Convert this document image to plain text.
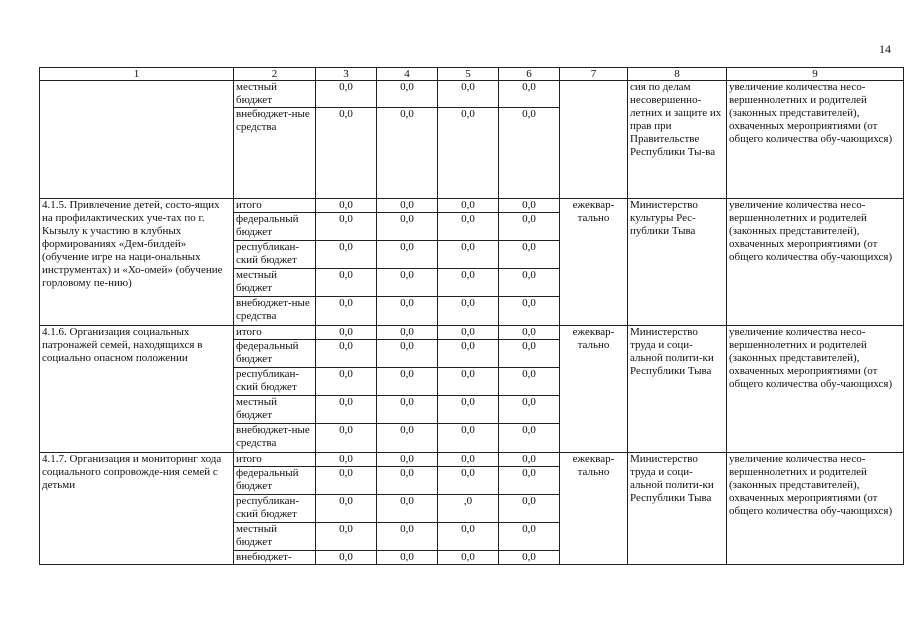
14
1	2	3	4	5	6	7	8	9
	местный бюджет	0,0	0,0	0,0	0,0		сия по делам несовершенно-летних и защите их прав при Правительстве Республики Ты-ва	увеличение количества несо-вершеннолетних и родителей (законных представителей), охваченных мероприятиями (от общего количества обу-чающихся)
	внебюджет-ные средства	0,0	0,0	0,0	0,0			
4.1.5. Привлечение детей, состо-ящих на профилактических уче-тах по г. Кызылу к участию в клубных формированиях «Дем-билдей» (обучение игре на наци-ональных инструментах) и «Хо-омей» (обучение горловому пе-нию)	итого	0,0	0,0	0,0	0,0	ежеквар-тально	Министерство культуры Рес-публики Тыва	увеличение количества несо-вершеннолетних и родителей (законных представителей), охваченных мероприятиями (от общего количества обу-чающихся)
	федеральный бюджет	0,0	0,0	0,0	0,0			
	республикан-ский бюджет	0,0	0,0	0,0	0,0			
	местный бюджет	0,0	0,0	0,0	0,0			
	внебюджет-ные средства	0,0	0,0	0,0	0,0			
4.1.6. Организация социальных патронажей семей, находящихся в социально опасном положении	итого	0,0	0,0	0,0	0,0	ежеквар-тально	Министерство труда и соци-альной полити-ки Республики Тыва	увеличение количества несо-вершеннолетних и родителей (законных представителей), охваченных мероприятиями (от общего количества обу-чающихся)
	федеральный бюджет	0,0	0,0	0,0	0,0			
	республикан-ский бюджет	0,0	0,0	0,0	0,0			
	местный бюджет	0,0	0,0	0,0	0,0			
	внебюджет-ные средства	0,0	0,0	0,0	0,0			
4.1.7. Организация и мониторинг хода социального сопровожде-ния семей с детьми	итого	0,0	0,0	0,0	0,0	ежеквар-тально	Министерство труда и соци-альной полити-ки Республики Тыва	увеличение количества несо-вершеннолетних и родителей (законных представителей), охваченных мероприятиями (от общего количества обу-чающихся)
	федеральный бюджет	0,0	0,0	0,0	0,0			
	республикан-ский бюджет	0,0	0,0	,0	0,0			
	местный бюджет	0,0	0,0	0,0	0,0			
	внебюджет-	0,0	0,0	0,0	0,0			
